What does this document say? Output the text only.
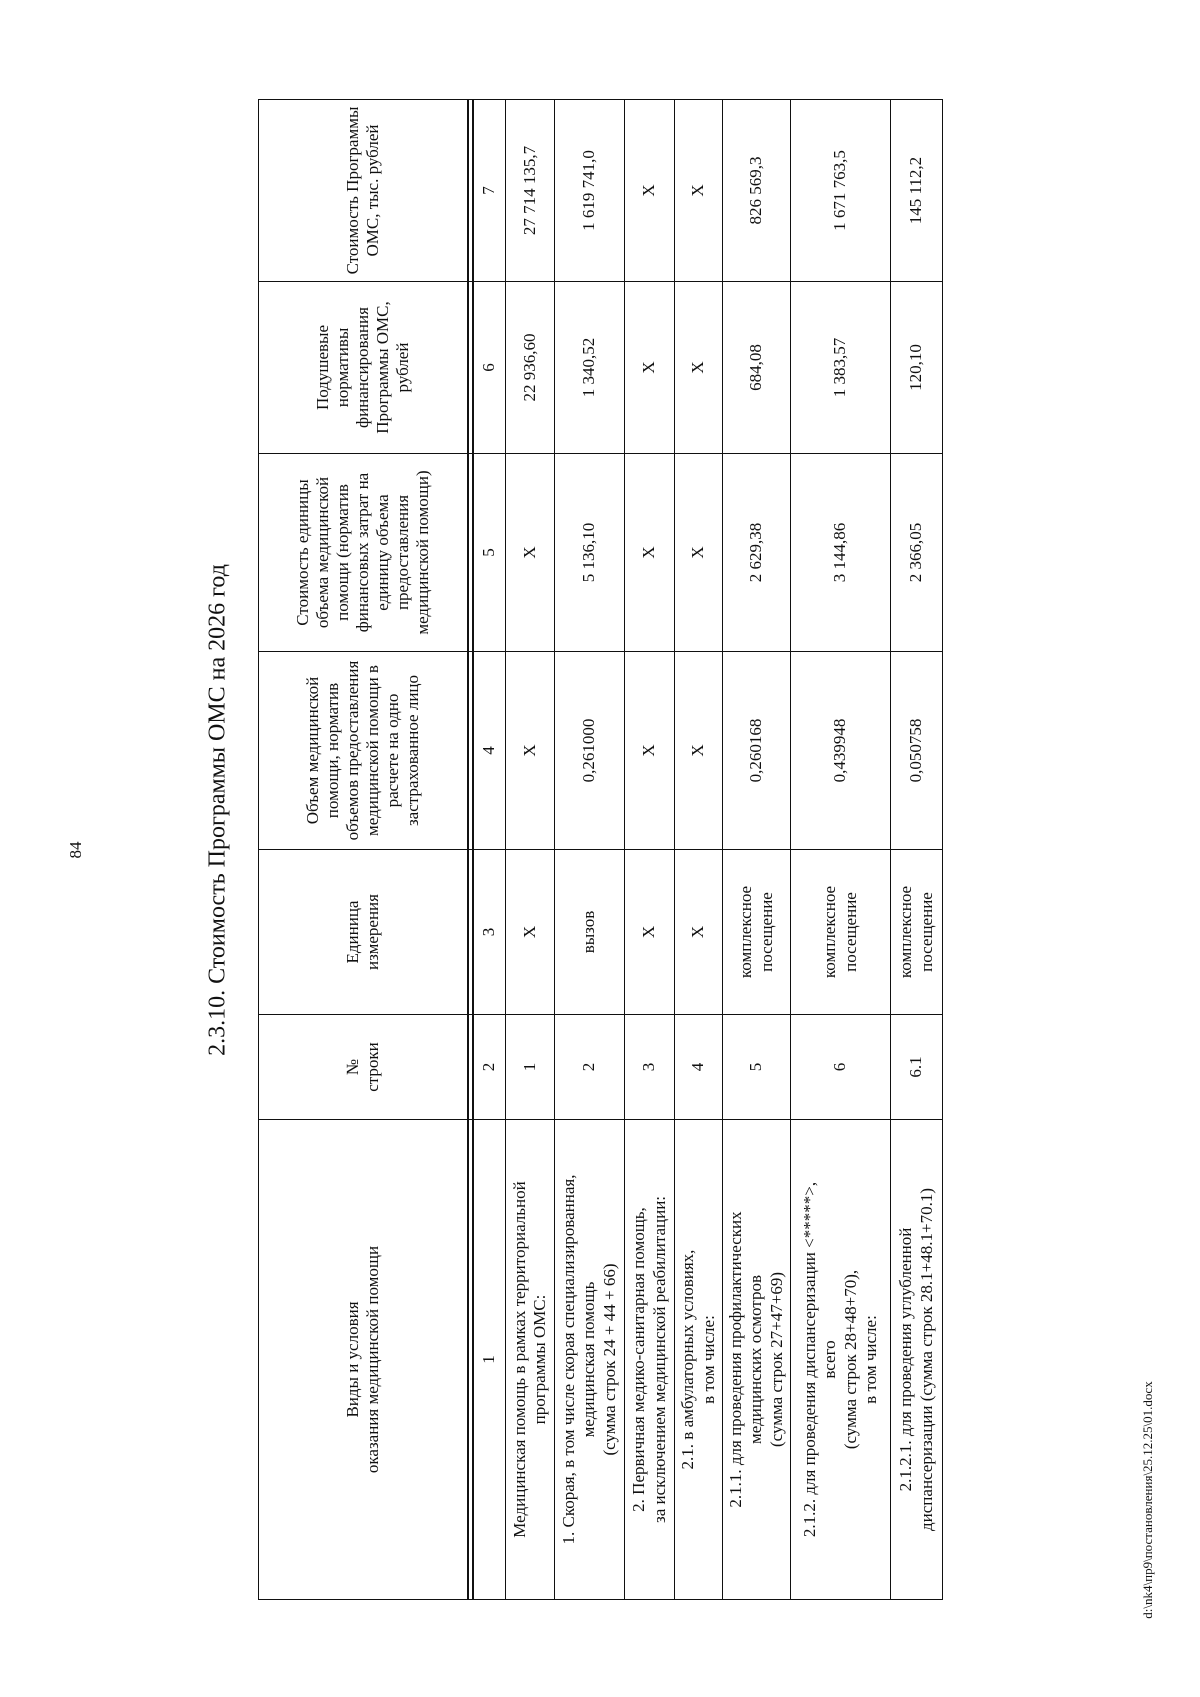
84	2.3.10. Стоимость Программы ОМС на 2026 год
d:\nk4\пр9\постановления\25.12.25\01.docx
Виды и условия
оказания медицинской помощи	№
строки	Единица
измерения	Объем медицинской помощи, норматив объемов предоставления медицинской помощи в расчете на одно застрахованное лицо	Стоимость единицы объема медицинской помощи (норматив финансовых затрат на единицу объема предоставления медицинской помощи)	Подушевые нормативы финансирования Программы ОМС, рублей	Стоимость Программы ОМС, тыс. рублей

1	2	3	4	5	6	7
Медицинская помощь в рамках территориальной
программы ОМС:	1	X	X	X	22 936,60	27 714 135,7
1. Скорая, в том числе скорая специализированная,
медицинская помощь
(сумма строк 24 + 44 + 66)	2	вызов	0,261000	5 136,10	1 340,52	1 619 741,0
2. Первичная медико-санитарная помощь,
за исключением медицинской реабилитации:	3	X	X	X	X	X
2.1. в амбулаторных условиях,
в том числе:	4	X	X	X	X	X
2.1.1. для проведения профилактических
медицинских осмотров
(сумма строк 27+47+69)	5	комплексное
посещение	0,260168	2 629,38	684,08	826 569,3
2.1.2. для проведения диспансеризации <*****>,
всего
(сумма строк 28+48+70),
в том числе:	6	комплексное
посещение	0,439948	3 144,86	1 383,57	1 671 763,5
2.1.2.1. для проведения углубленной
диспансеризации (сумма строк 28.1+48.1+70.1)	6.1	комплексное
посещение	0,050758	2 366,05	120,10	145 112,2
